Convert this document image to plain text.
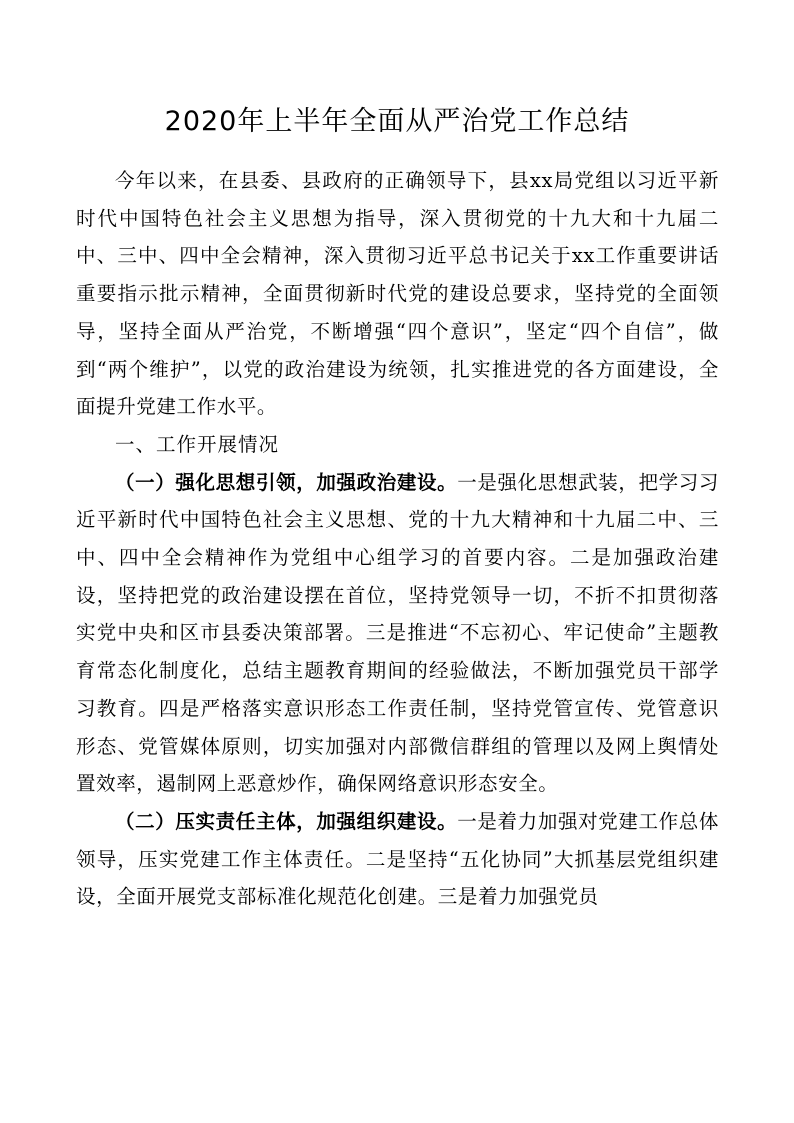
2020年上半年全面从严治党工作总结

今年以来，在县委、县政府的正确领导下，县xx局党组以习近平新时代中国特色社会主义思想为指导，深入贯彻党的十九大和十九届二中、三中、四中全会精神，深入贯彻习近平总书记关于xx工作重要讲话重要指示批示精神，全面贯彻新时代党的建设总要求，坚持党的全面领导，坚持全面从严治党，不断增强“四个意识”，坚定“四个自信”，做到“两个维护”，以党的政治建设为统领，扎实推进党的各方面建设，全面提升党建工作水平。

一、工作开展情况

（一）强化思想引领，加强政治建设。一是强化思想武装，把学习习近平新时代中国特色社会主义思想、党的十九大精神和十九届二中、三中、四中全会精神作为党组中心组学习的首要内容。二是加强政治建设，坚持把党的政治建设摆在首位，坚持党领导一切，不折不扣贯彻落实党中央和区市县委决策部署。三是推进“不忘初心、牢记使命”主题教育常态化制度化，总结主题教育期间的经验做法，不断加强党员干部学习教育。四是严格落实意识形态工作责任制，坚持党管宣传、党管意识形态、党管媒体原则，切实加强对内部微信群组的管理以及网上舆情处置效率，遏制网上恶意炒作，确保网络意识形态安全。

（二）压实责任主体，加强组织建设。一是着力加强对党建工作总体领导，压实党建工作主体责任。二是坚持“五化协同”大抓基层党组织建设，全面开展党支部标准化规范化创建。三是着力加强党员
